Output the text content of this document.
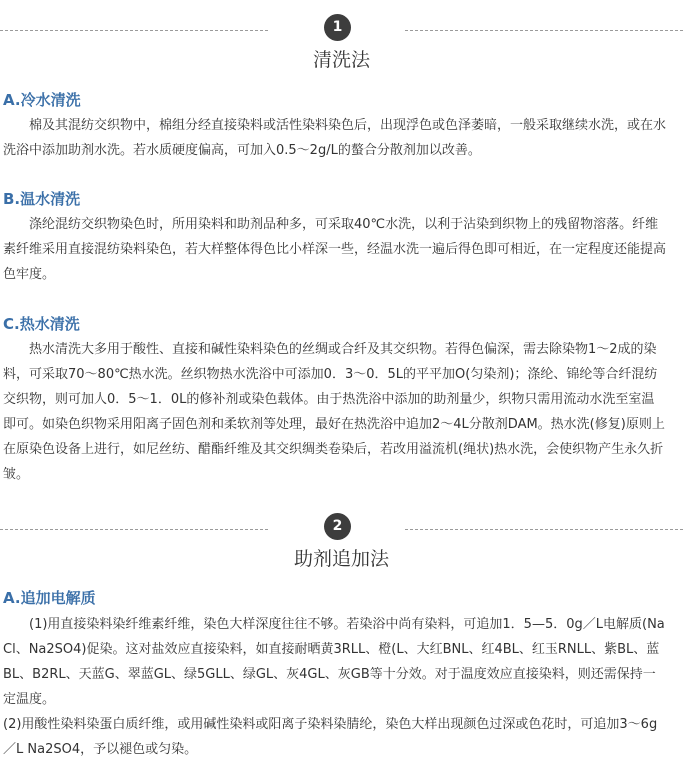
1
清洗法
A.冷水清洗

棉及其混纺交织物中，棉组分经直接染料或活性染料染色后，出现浮色或色泽萎暗，一般采取继续水洗，或在水洗浴中添加助剂水洗。若水质硬度偏高，可加入0.5～2g/L的螯合分散剂加以改善。

B.温水清洗

涤纶混纺交织物染色时，所用染料和助剂品种多，可采取40℃水洗，以利于沾染到织物上的残留物溶落。纤维素纤维采用直接混纺染料染色，若大样整体得色比小样深一些，经温水洗一遍后得色即可相近，在一定程度还能提高色牢度。

C.热水清洗

热水清洗大多用于酸性、直接和碱性染料染色的丝绸或合纤及其交织物。若得色偏深，需去除染物1～2成的染料，可采取70～80℃热水洗。丝织物热水洗浴中可添加0．3～0．5L的平平加O(匀染剂)；涤纶、锦纶等合纤混纺交织物，则可加人0．5～1．0L的修补剂或染色载体。由于热洗浴中添加的助剂量少，织物只需用流动水洗至室温即可。如染色织物采用阳离子固色剂和柔软剂等处理，最好在热洗浴中追加2～4L分散剂DAM。热水洗(修复)原则上在原染色设备上进行，如尼丝纺、醋酯纤维及其交织绸类卷染后，若改用溢流机(绳状)热水洗，会使织物产生永久折皱。

2
助剂追加法
A.追加电解质

(1)用直接染料染纤维素纤维，染色大样深度往往不够。若染浴中尚有染料，可追加1．5—5．0g／L电解质(NaCl、Na2SO4)促染。这对盐效应直接染料，如直接耐晒黄3RLL、橙(L、大红BNL、红4BL、红玉RNLL、紫BL、蓝BL、B2RL、天蓝G、翠蓝GL、绿5GLL、绿GL、灰4GL、灰GB等十分效。对于温度效应直接染料，则还需保持一定温度。

(2)用酸性染料染蛋白质纤维，或用碱性染料或阳离子染料染腈纶，染色大样出现颜色过深或色花时，可追加3～6g／L Na2SO4，予以褪色或匀染。
